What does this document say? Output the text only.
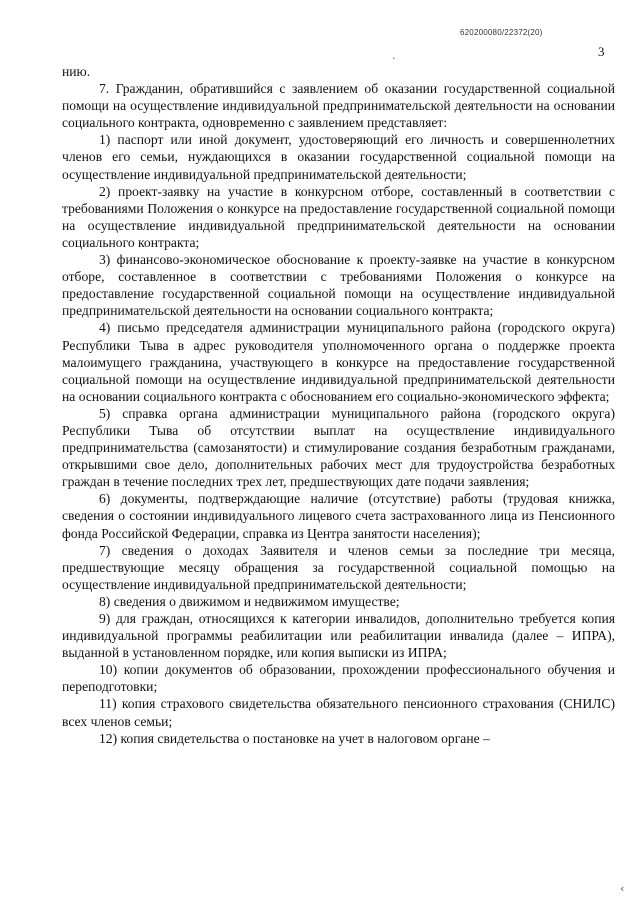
620200080/22372(20)
3
·

нию.

7. Гражданин, обратившийся с заявлением об оказании государственной социальной помощи на осуществление индивидуальной предпринимательской деятельности на основании социального контракта, одновременно с заявлением представляет:

1) паспорт или иной документ, удостоверяющий его личность и совершеннолетних членов его семьи, нуждающихся в оказании государственной социальной помощи на осуществление индивидуальной предпринимательской деятельности;

2) проект-заявку на участие в конкурсном отборе, составленный в соответствии с требованиями Положения о конкурсе на предоставление государственной социальной помощи на осуществление индивидуальной предпринимательской деятельности на основании социального контракта;

3) финансово-экономическое обоснование к проекту-заявке на участие в конкурсном отборе, составленное в соответствии с требованиями Положения о конкурсе на предоставление государственной социальной помощи на осуществление индивидуальной предпринимательской деятельности на основании социального контракта;

4) письмо председателя администрации муниципального района (городского округа) Республики Тыва в адрес руководителя уполномоченного органа о поддержке проекта малоимущего гражданина, участвующего в конкурсе на предоставление государственной социальной помощи на осуществление индивидуальной предпринимательской деятельности на основании социального контракта с обоснованием его социально-экономического эффекта;

5) справка органа администрации муниципального района (городского округа) Республики Тыва об отсутствии выплат на осуществление индивидуального предпринимательства (самозанятости) и стимулирование создания безработным гражданами, открывшими свое дело, дополнительных рабочих мест для трудоустройства безработных граждан в течение последних трех лет, предшествующих дате подачи заявления;

6) документы, подтверждающие наличие (отсутствие) работы (трудовая книжка, сведения о состоянии индивидуального лицевого счета застрахованного лица из Пенсионного фонда Российской Федерации, справка из Центра занятости населения);

7) сведения о доходах Заявителя и членов семьи за последние три месяца, предшествующие месяцу обращения за государственной социальной помощью на осуществление индивидуальной предпринимательской деятельности;

8) сведения о движимом и недвижимом имуществе;

9) для граждан, относящихся к категории инвалидов, дополнительно требуется копия индивидуальной программы реабилитации или реабилитации инвалида (далее – ИПРА), выданной в установленном порядке, или копия выписки из ИПРА;

10) копии документов об образовании, прохождении профессионального обучения и переподготовки;

11) копия страхового свидетельства обязательного пенсионного страхования (СНИЛС) всех членов семьи;

12) копия свидетельства о постановке на учет в налоговом органе –

‹
